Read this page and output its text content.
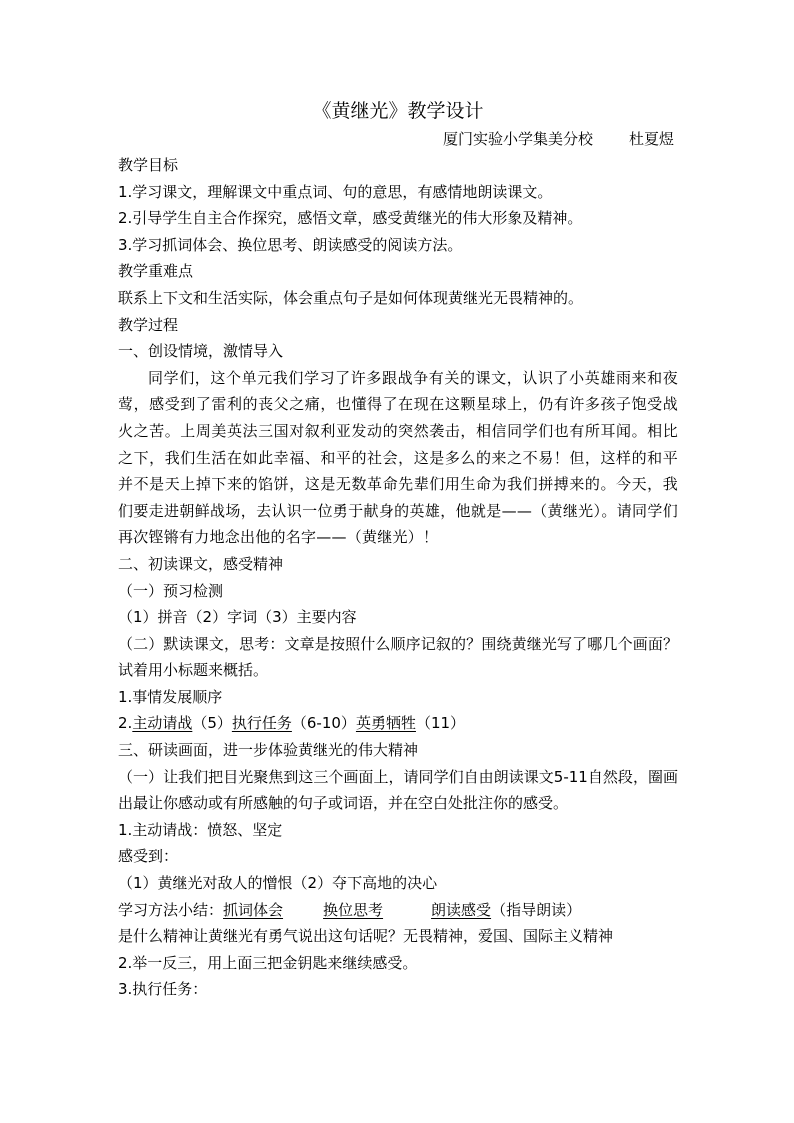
《黄继光》教学设计
厦门实验小学集美分校 杜夏煜
教学目标
1.学习课文，理解课文中重点词、句的意思，有感情地朗读课文。
2.引导学生自主合作探究，感悟文章，感受黄继光的伟大形象及精神。
3.学习抓词体会、换位思考、朗读感受的阅读方法。
教学重难点
联系上下文和生活实际，体会重点句子是如何体现黄继光无畏精神的。
教学过程
一、创设情境，激情导入

同学们，这个单元我们学习了许多跟战争有关的课文，认识了小英雄雨来和夜莺，感受到了雷利的丧父之痛，也懂得了在现在这颗星球上，仍有许多孩子饱受战火之苦。上周美英法三国对叙利亚发动的突然袭击，相信同学们也有所耳闻。相比之下，我们生活在如此幸福、和平的社会，这是多么的来之不易！但，这样的和平并不是天上掉下来的馅饼，这是无数革命先辈们用生命为我们拼搏来的。今天，我们要走进朝鲜战场，去认识一位勇于献身的英雄，他就是——（黄继光）。请同学们再次铿锵有力地念出他的名字——（黄继光）！

二、初读课文，感受精神
（一）预习检测
（1）拼音（2）字词（3）主要内容

（二）默读课文，思考：文章是按照什么顺序记叙的？围绕黄继光写了哪几个画面？试着用小标题来概括。

1.事情发展顺序
2.主动请战（5）执行任务（6-10）英勇牺牲（11）
三、研读画面，进一步体验黄继光的伟大精神

（一）让我们把目光聚焦到这三个画面上，请同学们自由朗读课文5-11自然段，圈画出最让你感动或有所感触的句子或词语，并在空白处批注你的感受。

1.主动请战：愤怒、坚定
感受到：
（1）黄继光对敌人的憎恨（2）夺下高地的决心
学习方法小结：抓词体会	换位思考	朗读感受（指导朗读）
是什么精神让黄继光有勇气说出这句话呢？无畏精神，爱国、国际主义精神
2.举一反三，用上面三把金钥匙来继续感受。
3.执行任务：
